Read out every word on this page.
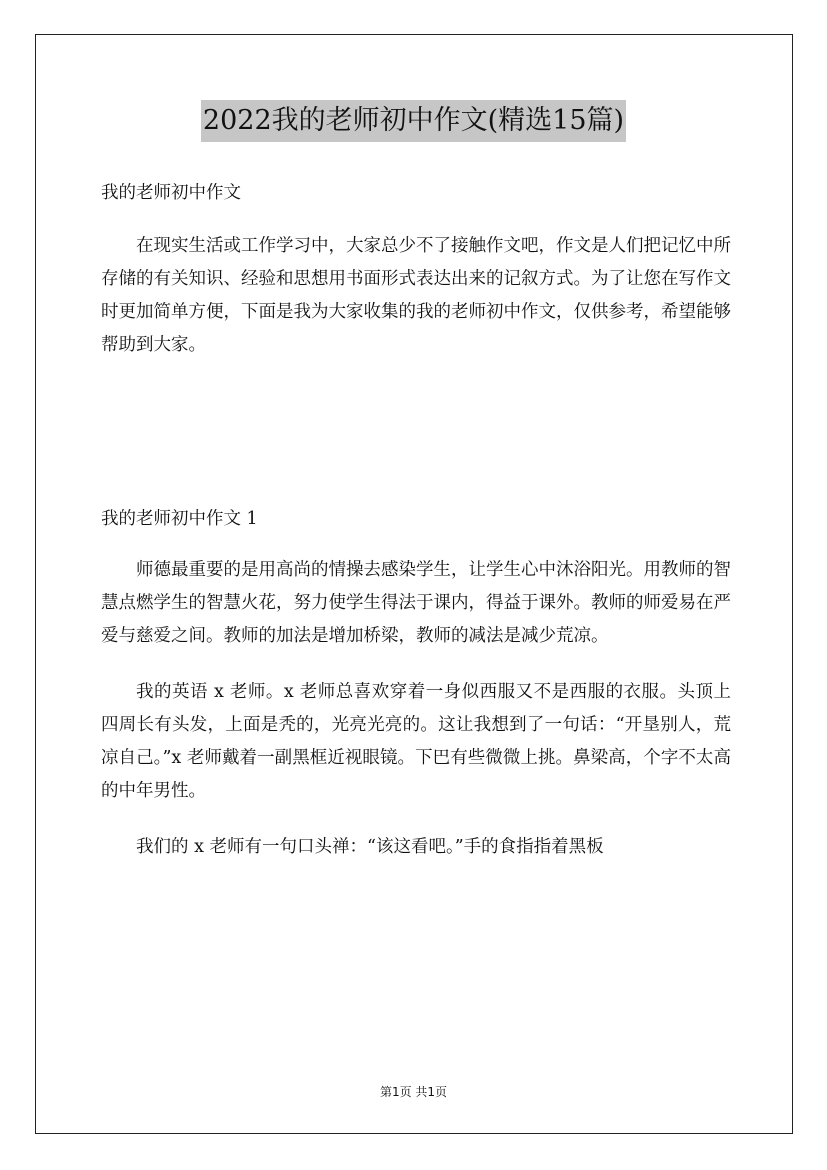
2022我的老师初中作文(精选15篇)
我的老师初中作文

在现实生活或工作学习中，大家总少不了接触作文吧，作文是人们把记忆中所存储的有关知识、经验和思想用书面形式表达出来的记叙方式。为了让您在写作文时更加简单方便，下面是我为大家收集的我的老师初中作文，仅供参考，希望能够帮助到大家。

我的老师初中作文 1

师德最重要的是用高尚的情操去感染学生，让学生心中沐浴阳光。用教师的智慧点燃学生的智慧火花，努力使学生得法于课内，得益于课外。教师的师爱易在严爱与慈爱之间。教师的加法是增加桥梁，教师的减法是减少荒凉。

我的英语 x 老师。x 老师总喜欢穿着一身似西服又不是西服的衣服。头顶上四周长有头发，上面是秃的，光亮光亮的。这让我想到了一句话：“开垦别人，荒凉自己。”x 老师戴着一副黑框近视眼镜。下巴有些微微上挑。鼻梁高，个字不太高的中年男性。

我们的 x 老师有一句口头禅：“该这看吧。”手的食指指着黑板

第1页 共1页
